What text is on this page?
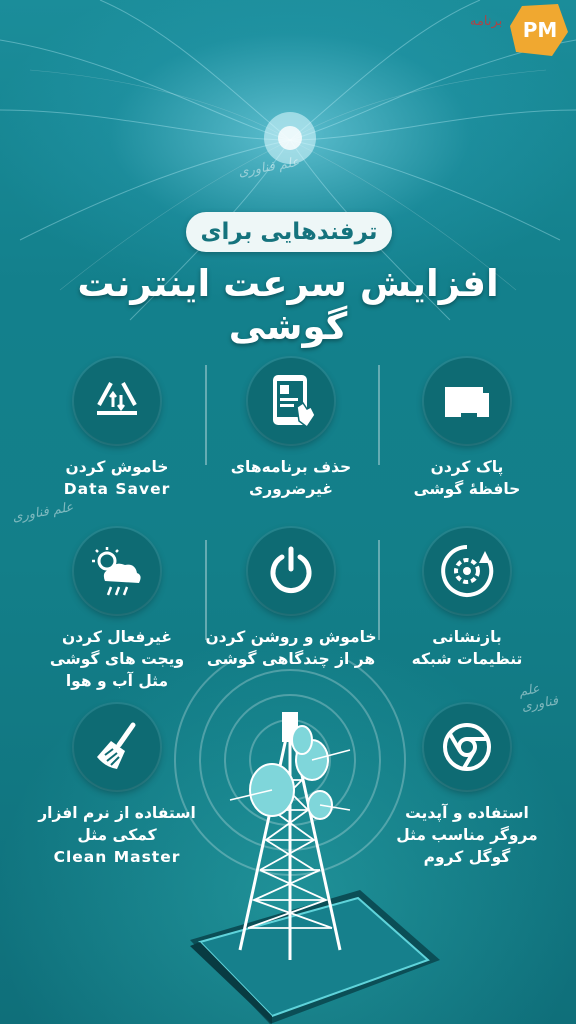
برنامه PM
علم فناوری
علم فناوری
علم فناوری
ترفندهایی برای
افزایش سرعت اینترنت گوشی
پاک کردن
حافظۀ گوشی
حذف برنامه‌های
غیرضروری
خاموش کردن
Data Saver
بازنشانی
تنظیمات شبکه
خاموش و روشن کردن
هر از چندگاهی گوشی
غیرفعال کردن
ویجت های گوشی
مثل آب و هوا
استفاده و آپدیت
مروگر مناسب مثل
گوگل کروم
استفاده از نرم افزار
کمکی مثل
Clean Master
